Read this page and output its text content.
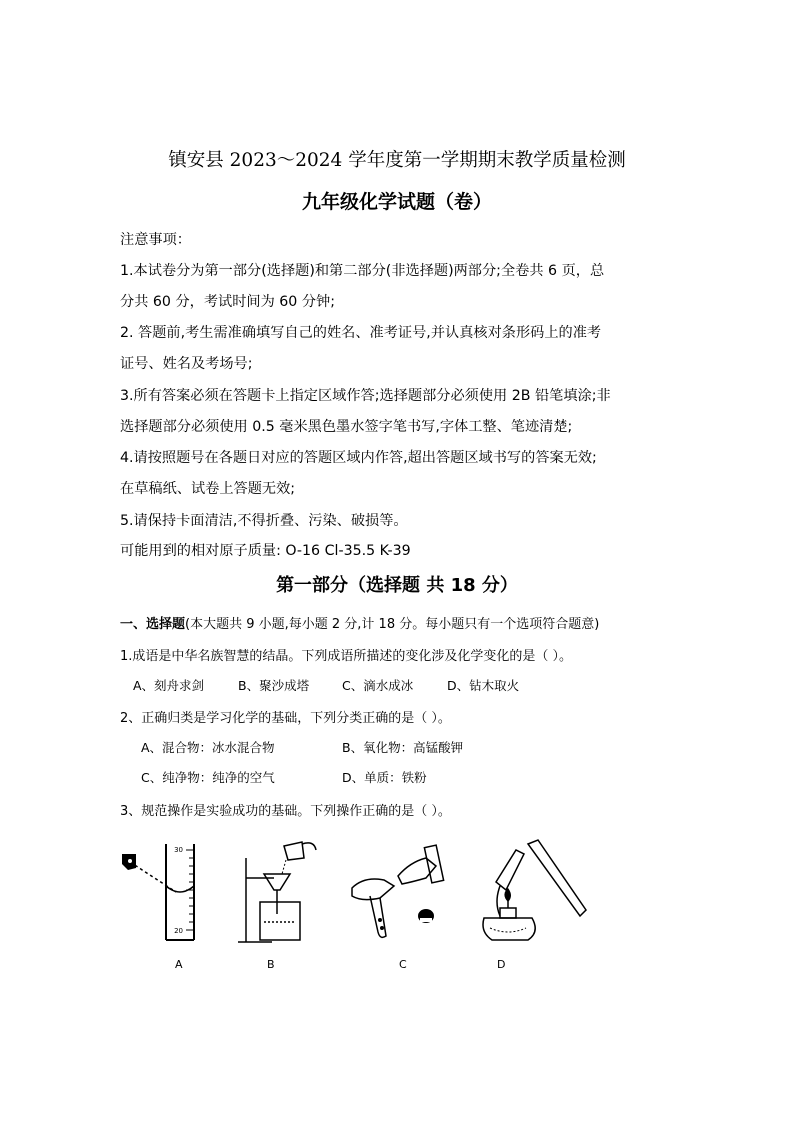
镇安县 2023～2024 学年度第一学期期末教学质量检测
九年级化学试题（卷）
注意事项：
1.本试卷分为第一部分(选择题)和第二部分(非选择题)两部分;全卷共 6 页，总
分共 60 分，考试时间为 60 分钟;
2. 答题前,考生需准确填写自己的姓名、准考证号,并认真核对条形码上的准考
证号、姓名及考场号;
3.所有答案必须在答题卡上指定区域作答;选择题部分必须使用 2B 铅笔填涂;非
选择题部分必须使用 0.5 毫米黑色墨水签字笔书写,字体工整、笔迹清楚;
4.请按照题号在各题日对应的答题区域内作答,超出答题区域书写的答案无效;
在草稿纸、试卷上答题无效;
5.请保持卡面清洁,不得折叠、污染、破损等。
可能用到的相对原子质量: O-16 Cl-35.5 K-39
第一部分（选择题 共 18 分）
一、选择题(本大题共 9 小题,每小题 2 分,计 18 分。每小题只有一个选项符合题意)
1.成语是中华名族智慧的结晶。下列成语所描述的变化涉及化学变化的是（ ）。
A、刻舟求剑	B、聚沙成塔	C、滴水成冰	D、钻木取火
2、正确归类是学习化学的基础，下列分类正确的是（ ）。
A、混合物：冰水混合物	B、氧化物：高锰酸钾
C、纯净物：纯净的空气	D、单质：铁粉
3、规范操作是实验成功的基础。下列操作正确的是（ ）。
30
20
A	B	C	D
